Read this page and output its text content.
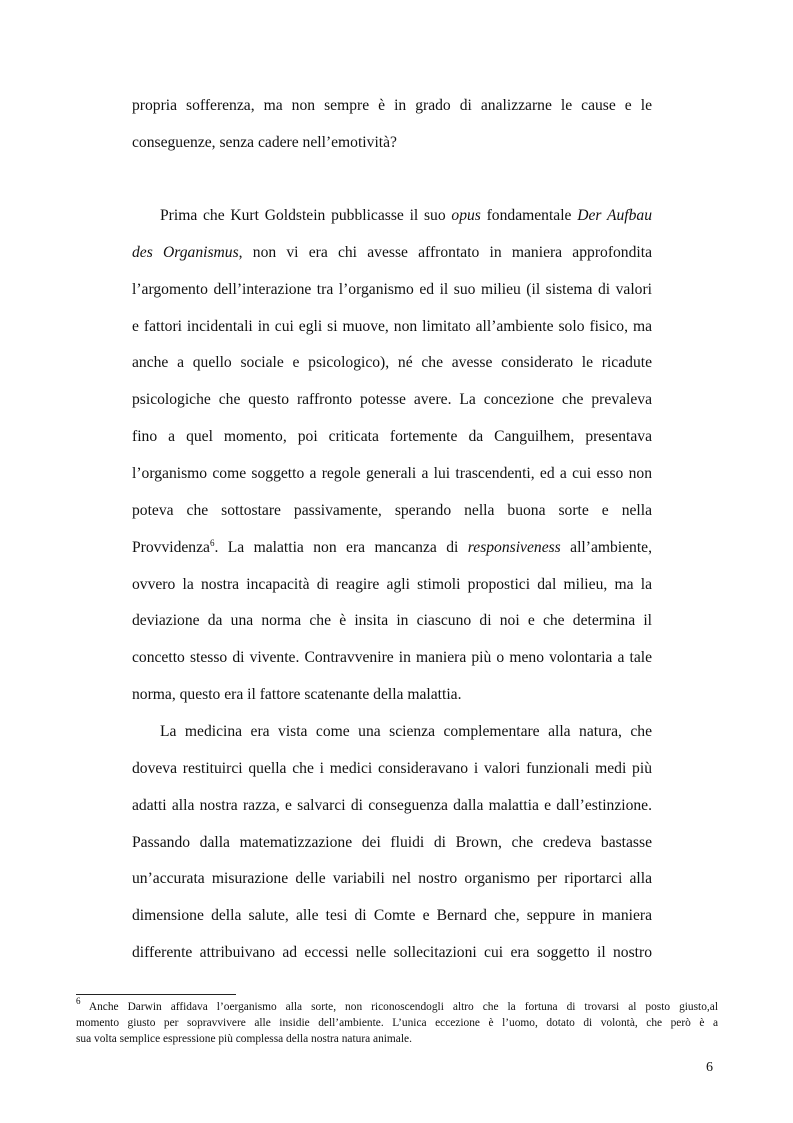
propria sofferenza, ma non sempre è in grado di analizzarne le cause e le
conseguenze, senza cadere nell’emotività?
Prima che Kurt Goldstein pubblicasse il suo opus fondamentale Der Aufbau
des Organismus, non vi era chi avesse affrontato in maniera approfondita
l’argomento dell’interazione tra l’organismo ed il suo milieu (il sistema di valori
e fattori incidentali in cui egli si muove, non limitato all’ambiente solo fisico, ma
anche a quello sociale e psicologico), né che avesse considerato le ricadute
psicologiche che questo raffronto potesse avere. La concezione che prevaleva
fino a quel momento, poi criticata fortemente da Canguilhem, presentava
l’organismo come soggetto a regole generali a lui trascendenti, ed a cui esso non
poteva che sottostare passivamente, sperando nella buona sorte e nella
Provvidenza$^6$. La malattia non era mancanza di responsiveness all’ambiente,
ovvero la nostra incapacità di reagire agli stimoli propostici dal milieu, ma la
deviazione da una norma che è insita in ciascuno di noi e che determina il
concetto stesso di vivente. Contravvenire in maniera più o meno volontaria a tale
norma, questo era il fattore scatenante della malattia.
La medicina era vista come una scienza complementare alla natura, che
doveva restituirci quella che i medici consideravano i valori funzionali medi più
adatti alla nostra razza, e salvarci di conseguenza dalla malattia e dall’estinzione.
Passando dalla matematizzazione dei fluidi di Brown, che credeva bastasse
un’accurata misurazione delle variabili nel nostro organismo per riportarci alla
dimensione della salute, alle tesi di Comte e Bernard che, seppure in maniera
differente attribuivano ad eccessi nelle sollecitazioni cui era soggetto il nostro
$^6$ Anche Darwin affidava l’oerganismo alla sorte, non riconoscendogli altro che la fortuna di trovarsi al posto giusto,al
momento giusto per sopravvivere alle insidie dell’ambiente. L’unica eccezione è l’uomo, dotato di volontà, che però è a
sua volta semplice espressione più complessa della nostra natura animale.
6
